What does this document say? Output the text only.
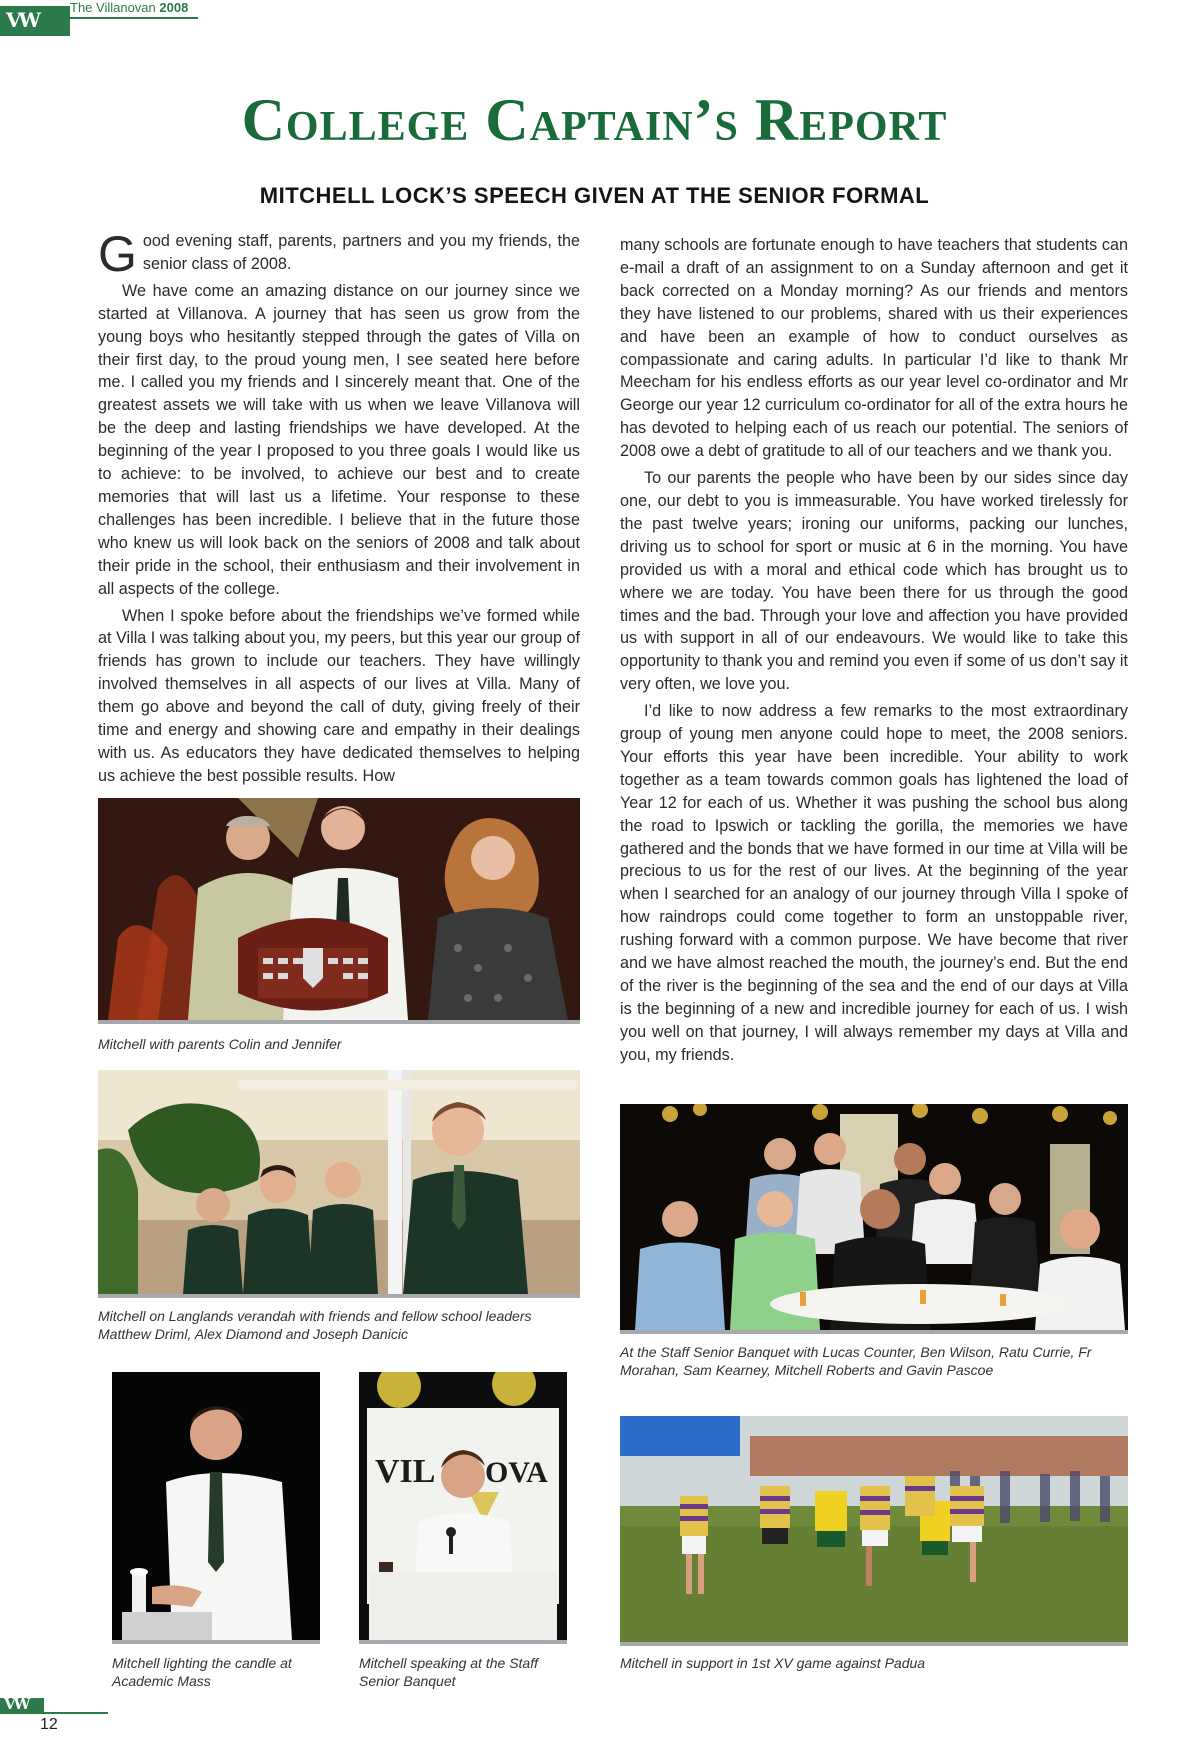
VW
The Villanovan 2008
College Captain’s Report
MITCHELL LOCK’S SPEECH GIVEN AT THE SENIOR FORMAL

Good evening staff, parents, partners and you my friends, the senior class of 2008.

We have come an amazing distance on our journey since we started at Villanova. A journey that has seen us grow from the young boys who hesitantly stepped through the gates of Villa on their first day, to the proud young men, I see seated here before me. I called you my friends and I sincerely meant that. One of the greatest assets we will take with us when we leave Villanova will be the deep and lasting friendships we have developed. At the beginning of the year I proposed to you three goals I would like us to achieve: to be involved, to achieve our best and to create memories that will last us a lifetime. Your response to these challenges has been incredible. I believe that in the future those who knew us will look back on the seniors of 2008 and talk about their pride in the school, their enthusiasm and their involvement in all aspects of the college.

When I spoke before about the friendships we’ve formed while at Villa I was talking about you, my peers, but this year our group of friends has grown to include our teachers. They have willingly involved themselves in all aspects of our lives at Villa. Many of them go above and beyond the call of duty, giving freely of their time and energy and showing care and empathy in their dealings with us. As educators they have dedicated themselves to helping us achieve the best possible results. How

many schools are fortunate enough to have teachers that students can e-mail a draft of an assignment to on a Sunday afternoon and get it back corrected on a Monday morning? As our friends and mentors they have listened to our problems, shared with us their experiences and have been an example of how to conduct ourselves as compassionate and caring adults. In particular I’d like to thank Mr Meecham for his endless efforts as our year level co-ordinator and Mr George our year 12 curriculum co-ordinator for all of the extra hours he has devoted to helping each of us reach our potential. The seniors of 2008 owe a debt of gratitude to all of our teachers and we thank you.

To our parents the people who have been by our sides since day one, our debt to you is immeasurable. You have worked tirelessly for the past twelve years; ironing our uniforms, packing our lunches, driving us to school for sport or music at 6 in the morning. You have provided us with a moral and ethical code which has brought us to where we are today. You have been there for us through the good times and the bad. Through your love and affection you have provided us with support in all of our endeavours. We would like to take this opportunity to thank you and remind you even if some of us don’t say it very often, we love you.

I’d like to now address a few remarks to the most extraordinary group of young men anyone could hope to meet, the 2008 seniors. Your efforts this year have been incredible. Your ability to work together as a team towards common goals has lightened the load of Year 12 for each of us. Whether it was pushing the school bus along the road to Ipswich or tackling the gorilla, the memories we have gathered and the bonds that we have formed in our time at Villa will be precious to us for the rest of our lives. At the beginning of the year when I searched for an analogy of our journey through Villa I spoke of how raindrops could come together to form an unstoppable river, rushing forward with a common purpose. We have become that river and we have almost reached the mouth, the journey’s end. But the end of the river is the beginning of the sea and the end of our days at Villa is the beginning of a new and incredible journey for each of us. I wish you well on that journey, I will always remember my days at Villa and you, my friends.

Mitchell with parents Colin and Jennifer
Mitchell on Langlands verandah with friends and fellow school leaders Matthew Driml, Alex Diamond and Joseph Danicic
Mitchell lighting the candle at Academic Mass
VIL OVA
Mitchell speaking at the Staff Senior Banquet
At the Staff Senior Banquet with Lucas Counter, Ben Wilson, Ratu Currie, Fr Morahan, Sam Kearney, Mitchell Roberts and Gavin Pascoe
Mitchell in support in 1st XV game against Padua
VW
12
